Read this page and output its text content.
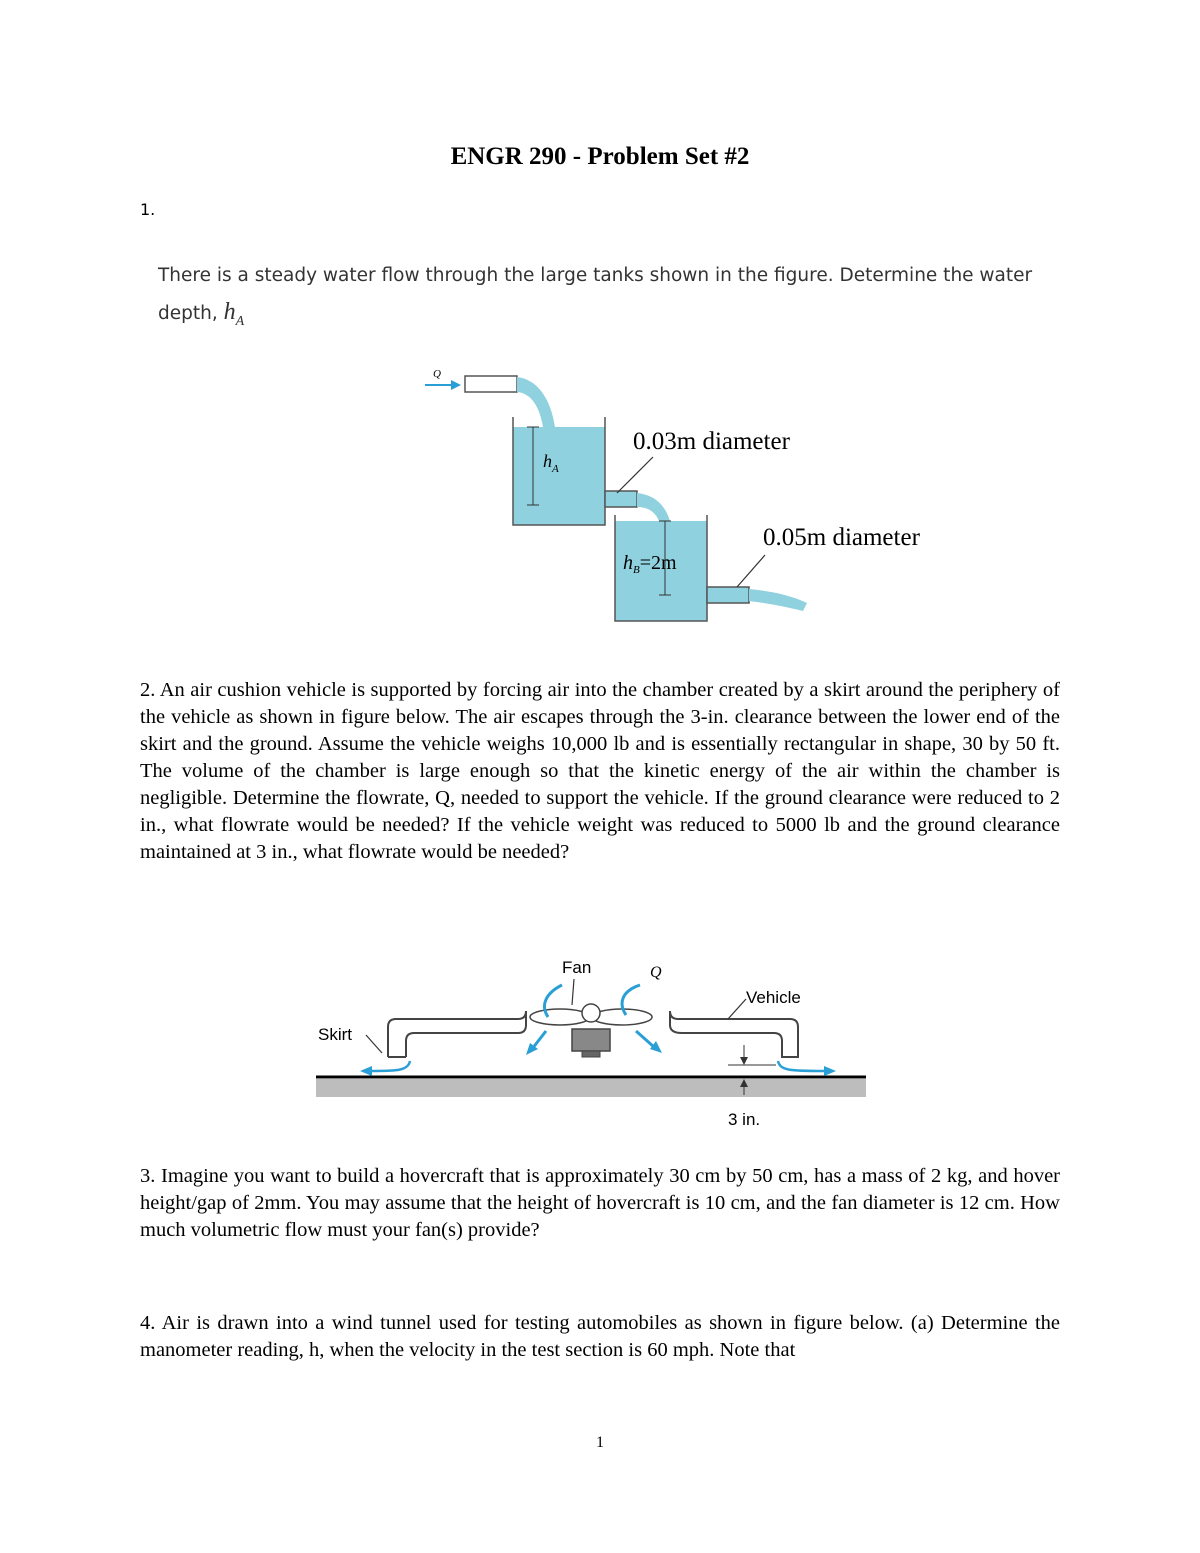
ENGR 290 - Problem Set #2
1.
There is a steady water flow through the large tanks shown in the figure. Determine the water depth, $h_A$
Q
$h_A$
$h_B=2m$
0.03m diameter
0.05m diameter
2. An air cushion vehicle is supported by forcing air into the chamber created by a skirt around the periphery of the vehicle as shown in figure below. The air escapes through the 3-in. clearance between the lower end of the skirt and the ground. Assume the vehicle weighs 10,000 lb and is essentially rectangular in shape, 30 by 50 ft. The volume of the chamber is large enough so that the kinetic energy of the air within the chamber is negligible. Determine the flowrate, Q, needed to support the vehicle. If the ground clearance were reduced to 2 in., what flowrate would be needed? If the vehicle weight was reduced to 5000 lb and the ground clearance maintained at 3 in., what flowrate would be needed?
Fan	Q
Vehicle
Skirt
3 in.
3. Imagine you want to build a hovercraft that is approximately 30 cm by 50 cm, has a mass of 2 kg, and hover height/gap of 2mm. You may assume that the height of hovercraft is 10 cm, and the fan diameter is 12 cm. How much volumetric flow must your fan(s) provide?
4. Air is drawn into a wind tunnel used for testing automobiles as shown in figure below. (a) Determine the manometer reading, h, when the velocity in the test section is 60 mph. Note that
1
